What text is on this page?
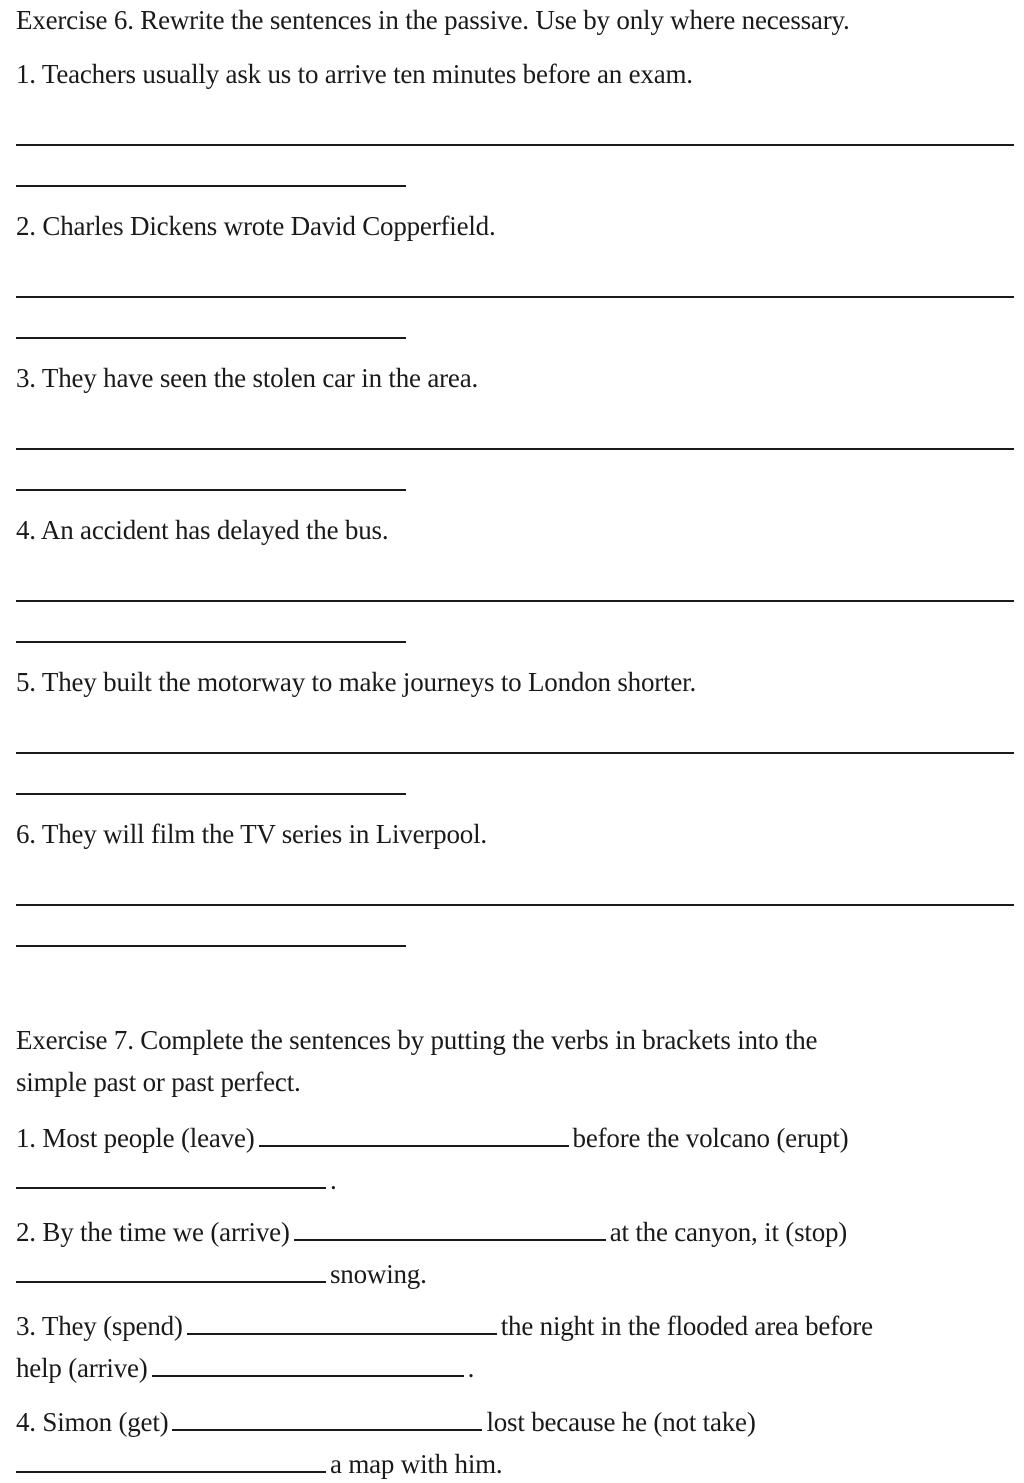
Exercise 6. Rewrite the sentences in the passive. Use by only where necessary.
1. Teachers usually ask us to arrive ten minutes before an exam.
2. Charles Dickens wrote David Copperfield.
3. They have seen the stolen car in the area.
4. An accident has delayed the bus.
5. They built the motorway to make journeys to London shorter.
6. They will film the TV series in Liverpool.
Exercise 7. Complete the sentences by putting the verbs in brackets into the
simple past or past perfect.
1. Most people (leave)	before the volcano (erupt)
.
2. By the time we (arrive)	at the canyon, it (stop)
snowing.
3. They (spend)	the night in the flooded area before
help (arrive)	.
4. Simon (get)	lost because he (not take)
a map with him.
